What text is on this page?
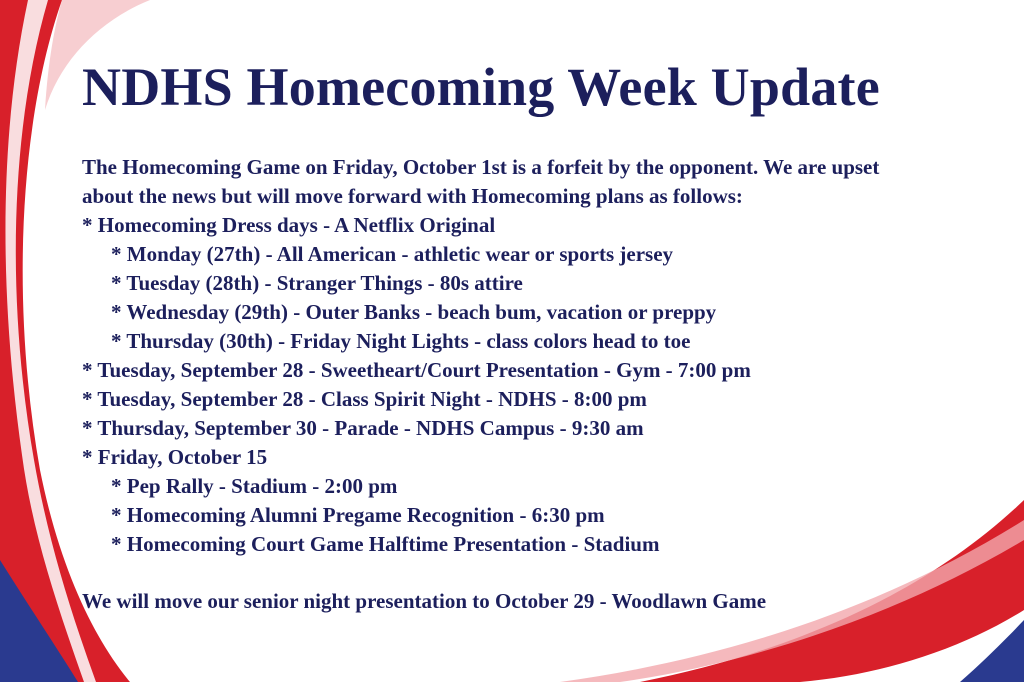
NDHS Homecoming Week Update

The Homecoming Game on Friday, October 1st is a forfeit by the opponent. We are upset

about the news but will move forward with Homecoming plans as follows:

* Homecoming Dress days - A Netflix Original

* Monday (27th) - All American - athletic wear or sports jersey

* Tuesday (28th) - Stranger Things - 80s attire

* Wednesday (29th) - Outer Banks - beach bum, vacation or preppy

* Thursday (30th) - Friday Night Lights - class colors head to toe

* Tuesday, September 28 - Sweetheart/Court Presentation - Gym - 7:00 pm

* Tuesday, September 28 - Class Spirit Night - NDHS - 8:00 pm

* Thursday, September 30 - Parade - NDHS Campus - 9:30 am

* Friday, October 15

* Pep Rally - Stadium - 2:00 pm

* Homecoming Alumni Pregame Recognition - 6:30 pm

* Homecoming Court Game Halftime Presentation - Stadium

We will move our senior night presentation to October 29 - Woodlawn Game
